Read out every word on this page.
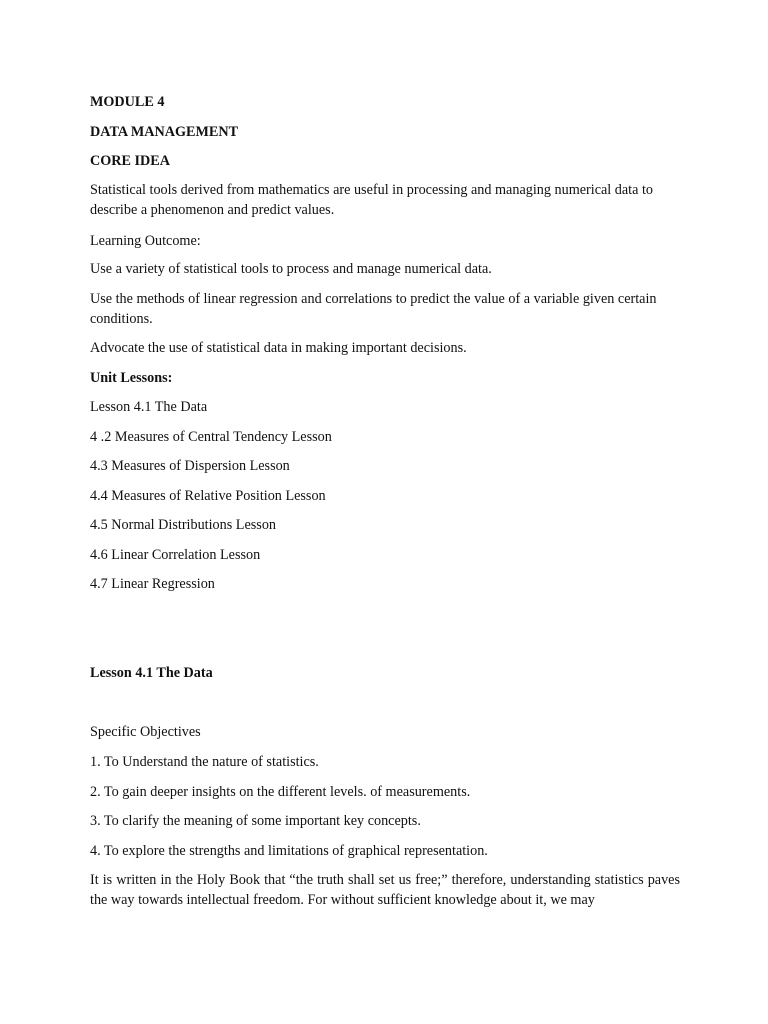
MODULE 4

DATA MANAGEMENT

CORE IDEA

Statistical tools derived from mathematics are useful in processing and managing numerical data to describe a phenomenon and predict values.

Learning Outcome:

Use a variety of statistical tools to process and manage numerical data.

Use the methods of linear regression and correlations to predict the value of a variable given certain conditions.

Advocate the use of statistical data in making important decisions.

Unit Lessons:

Lesson 4.1 The Data

4 .2 Measures of Central Tendency Lesson

4.3 Measures of Dispersion Lesson

4.4 Measures of Relative Position Lesson

4.5 Normal Distributions Lesson

4.6 Linear Correlation Lesson

4.7 Linear Regression

Lesson 4.1 The Data

Specific Objectives

1. To Understand the nature of statistics.

2. To gain deeper insights on the different levels. of measurements.

3. To clarify the meaning of some important key concepts.

4. To explore the strengths and limitations of graphical representation.

It is written in the Holy Book that “the truth shall set us free;” therefore, understanding statistics paves the way towards intellectual freedom. For without sufficient knowledge about it, we may
